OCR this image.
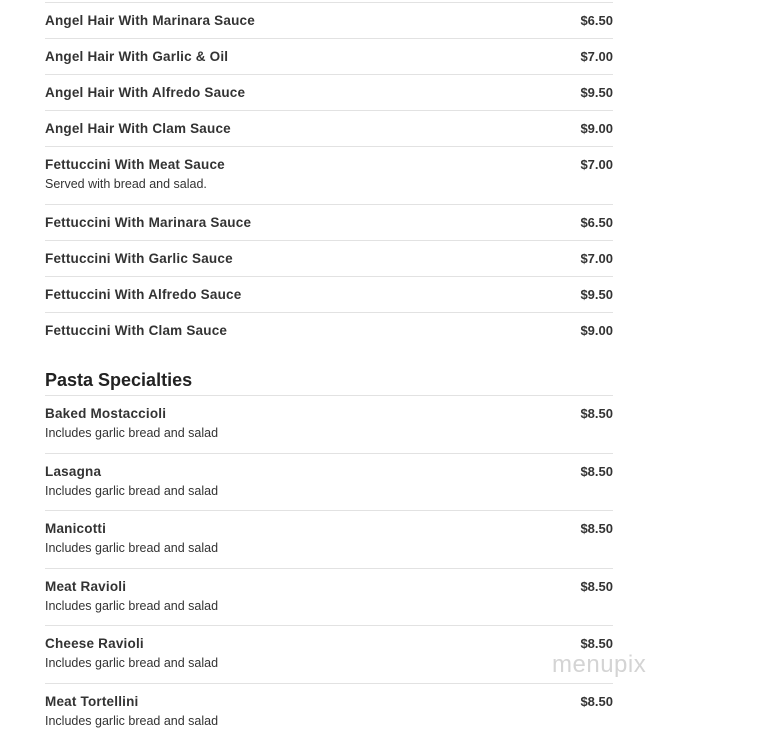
Angel Hair With Marinara Sauce	$6.50
Angel Hair With Garlic & Oil	$7.00
Angel Hair With Alfredo Sauce	$9.50
Angel Hair With Clam Sauce	$9.00
Fettuccini With Meat Sauce	$7.00
Served with bread and salad.
Fettuccini With Marinara Sauce	$6.50
Fettuccini With Garlic Sauce	$7.00
Fettuccini With Alfredo Sauce	$9.50
Fettuccini With Clam Sauce	$9.00
Pasta Specialties
Baked Mostaccioli	$8.50
Includes garlic bread and salad
Lasagna	$8.50
Includes garlic bread and salad
Manicotti	$8.50
Includes garlic bread and salad
Meat Ravioli	$8.50
Includes garlic bread and salad
Cheese Ravioli	$8.50
Includes garlic bread and salad
Meat Tortellini	$8.50
Includes garlic bread and salad
menupix
